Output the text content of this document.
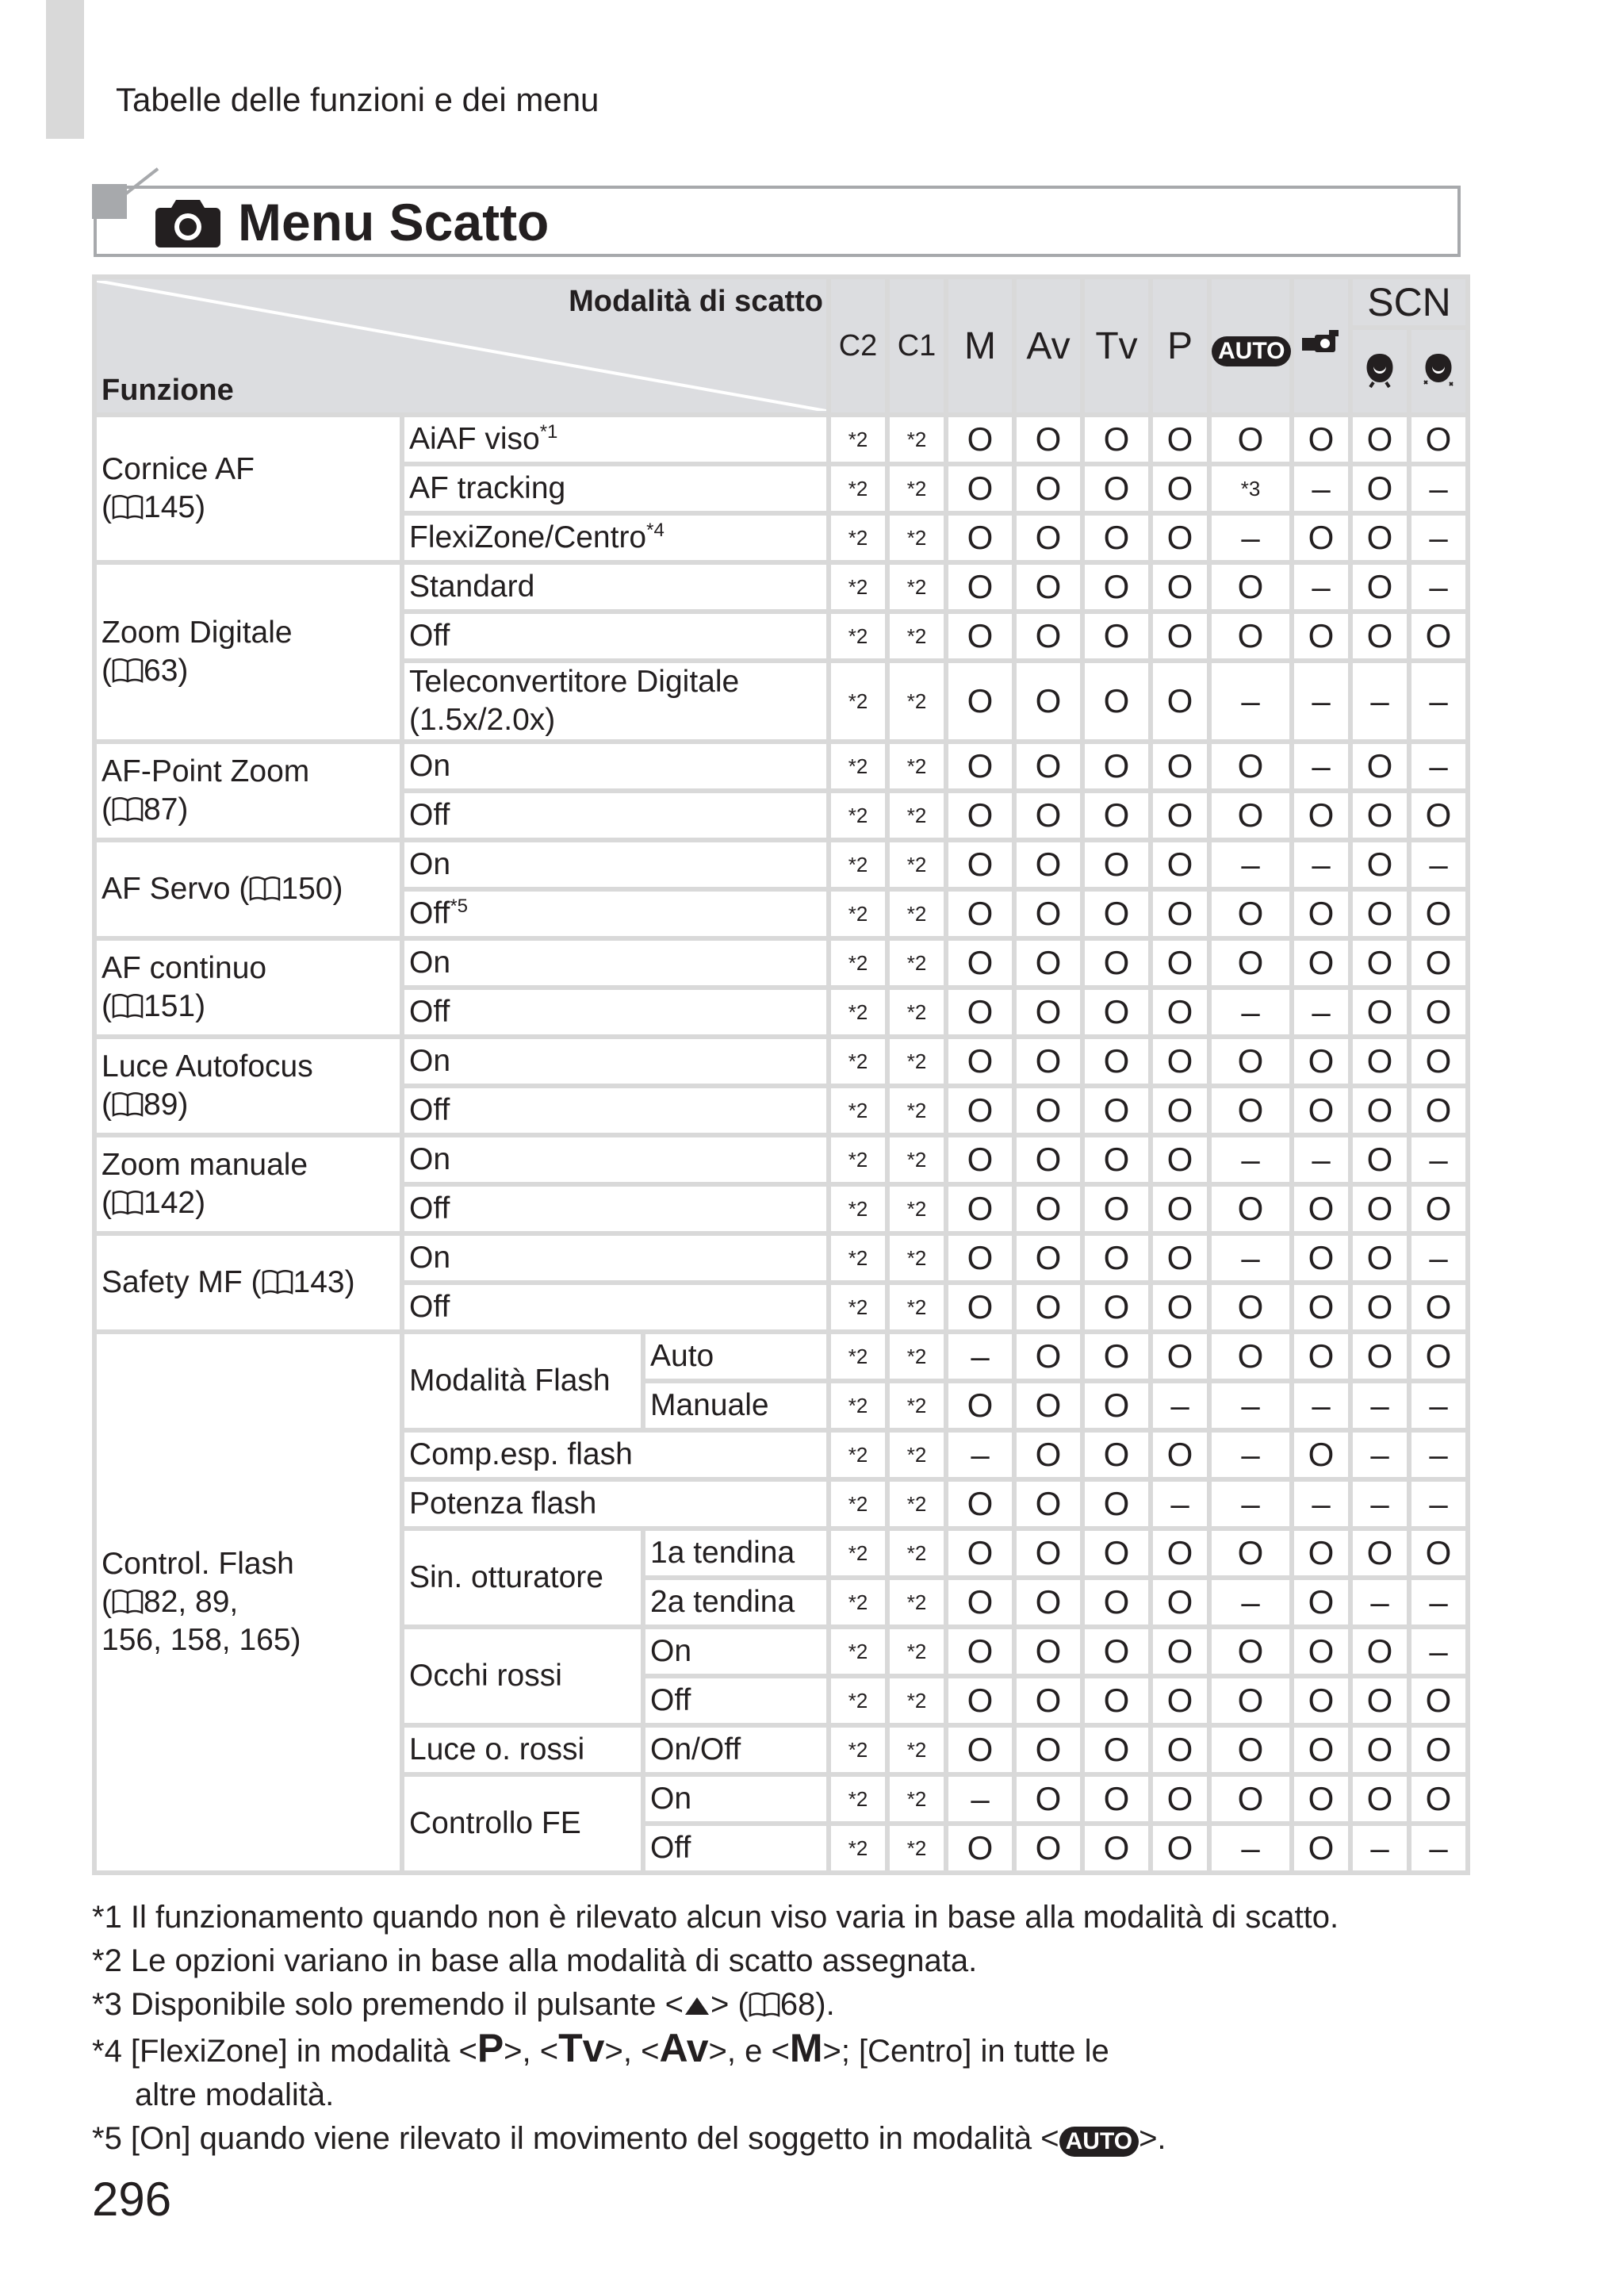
Tabelle delle funzioni e dei menu
Menu Scatto
Modalità di scatto
Funzione			C2	C1	M	Av	Tv	P	AUTO		SCN	

Cornice AF
( 145)	AiAF viso$^{*1}$		*2	*2	O	O	O	O	O	O	O	O
	AF tracking		*2	*2	O	O	O	O	*3	–	O	–
	FlexiZone/Centro$^{*4}$		*2	*2	O	O	O	O	–	O	O	–
Zoom Digitale
( 63)	Standard		*2	*2	O	O	O	O	O	–	O	–
	Off		*2	*2	O	O	O	O	O	O	O	O
	Teleconvertitore Digitale
(1.5x/2.0x)		*2	*2	O	O	O	O	–	–	–	–
AF-Point Zoom
( 87)	On		*2	*2	O	O	O	O	O	–	O	–
	Off		*2	*2	O	O	O	O	O	O	O	O
AF Servo ( 150)	On		*2	*2	O	O	O	O	–	–	O	–
	Off$^{*5}$		*2	*2	O	O	O	O	O	O	O	O
AF continuo
( 151)	On		*2	*2	O	O	O	O	O	O	O	O
	Off		*2	*2	O	O	O	O	–	–	O	O
Luce Autofocus
( 89)	On		*2	*2	O	O	O	O	O	O	O	O
	Off		*2	*2	O	O	O	O	O	O	O	O
Zoom manuale
( 142)	On		*2	*2	O	O	O	O	–	–	O	–
	Off		*2	*2	O	O	O	O	O	O	O	O
Safety MF ( 143)	On		*2	*2	O	O	O	O	–	O	O	–
	Off		*2	*2	O	O	O	O	O	O	O	O
Control. Flash
( 82, 89,
156, 158, 165)	Modalità Flash	Auto	*2	*2	–	O	O	O	O	O	O	O
		Manuale	*2	*2	O	O	O	–	–	–	–	–
	Comp.esp. flash		*2	*2	–	O	O	O	–	O	–	–
	Potenza flash		*2	*2	O	O	O	–	–	–	–	–
	Sin. otturatore	1a tendina	*2	*2	O	O	O	O	O	O	O	O
		2a tendina	*2	*2	O	O	O	O	–	O	–	–
	Occhi rossi	On	*2	*2	O	O	O	O	O	O	O	–
		Off	*2	*2	O	O	O	O	O	O	O	O
	Luce o. rossi	On/Off	*2	*2	O	O	O	O	O	O	O	O
	Controllo FE	On	*2	*2	–	O	O	O	O	O	O	O
		Off	*2	*2	O	O	O	O	–	O	–	–
*1 Il funzionamento quando non è rilevato alcun viso varia in base alla modalità di scatto.
*2 Le opzioni variano in base alla modalità di scatto assegnata.
*3 Disponibile solo premendo il pulsante < > ( 68).
*4 [FlexiZone] in modalità <P>, <Tv>, <Av>, e <M>; [Centro] in tutte le
altre modalità.
*5 [On] quando viene rilevato il movimento del soggetto in modalità < AUTO >.
296
